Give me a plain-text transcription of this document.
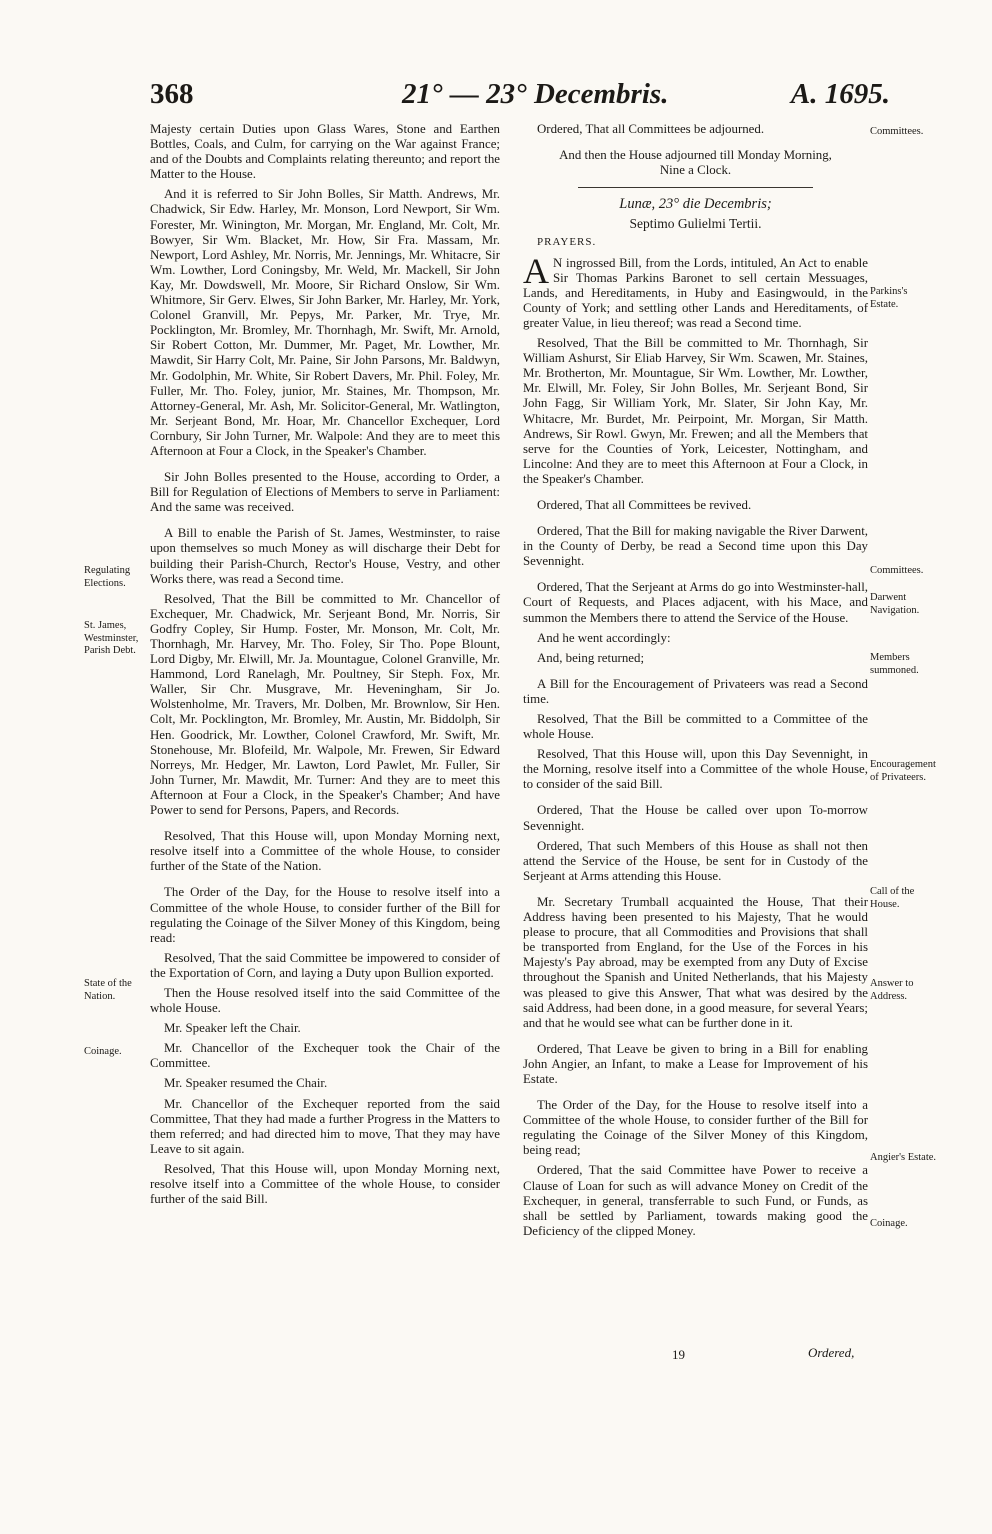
368	21° — 23° Decembris.	A. 1695.
Regulating Elections.
St. James, Westminster, Parish Debt.
State of the Nation.
Coinage.

Majesty certain Duties upon Glass Wares, Stone and Earthen Bottles, Coals, and Culm, for carrying on the War against France; and of the Doubts and Complaints relating thereunto; and report the Matter to the House.

And it is referred to Sir John Bolles, Sir Matth. Andrews, Mr. Chadwick, Sir Edw. Harley, Mr. Monson, Lord Newport, Sir Wm. Forester, Mr. Winington, Mr. Morgan, Mr. England, Mr. Colt, Mr. Bowyer, Sir Wm. Blacket, Mr. How, Sir Fra. Massam, Mr. Newport, Lord Ashley, Mr. Norris, Mr. Jennings, Mr. Whitacre, Sir Wm. Lowther, Lord Coningsby, Mr. Weld, Mr. Mackell, Sir John Kay, Mr. Dowdswell, Mr. Moore, Sir Richard Onslow, Sir Wm. Whitmore, Sir Gerv. Elwes, Sir John Barker, Mr. Harley, Mr. York, Colonel Granvill, Mr. Pepys, Mr. Parker, Mr. Trye, Mr. Pocklington, Mr. Bromley, Mr. Thornhagh, Mr. Swift, Mr. Arnold, Sir Robert Cotton, Mr. Dummer, Mr. Paget, Mr. Lowther, Mr. Mawdit, Sir Harry Colt, Mr. Paine, Sir John Parsons, Mr. Baldwyn, Mr. Godolphin, Mr. White, Sir Robert Davers, Mr. Phil. Foley, Mr. Fuller, Mr. Tho. Foley, junior, Mr. Staines, Mr. Thompson, Mr. Attorney-General, Mr. Ash, Mr. Solicitor-General, Mr. Watlington, Mr. Serjeant Bond, Mr. Hoar, Mr. Chancellor Exchequer, Lord Cornbury, Sir John Turner, Mr. Walpole: And they are to meet this Afternoon at Four a Clock, in the Speaker's Chamber.

Sir John Bolles presented to the House, according to Order, a Bill for Regulation of Elections of Members to serve in Parliament: And the same was received.

A Bill to enable the Parish of St. James, Westminster, to raise upon themselves so much Money as will discharge their Debt for building their Parish-Church, Rector's House, Vestry, and other Works there, was read a Second time.

Resolved, That the Bill be committed to Mr. Chancellor of Exchequer, Mr. Chadwick, Mr. Serjeant Bond, Mr. Norris, Sir Godfry Copley, Sir Hump. Foster, Mr. Monson, Mr. Colt, Mr. Thornhagh, Mr. Harvey, Mr. Tho. Foley, Sir Tho. Pope Blount, Lord Digby, Mr. Elwill, Mr. Ja. Mountague, Colonel Granville, Mr. Hammond, Lord Ranelagh, Mr. Poultney, Sir Steph. Fox, Mr. Waller, Sir Chr. Musgrave, Mr. Heveningham, Sir Jo. Wolstenholme, Mr. Travers, Mr. Dolben, Mr. Brownlow, Sir Hen. Colt, Mr. Pocklington, Mr. Bromley, Mr. Austin, Mr. Biddolph, Sir Hen. Goodrick, Mr. Lowther, Colonel Crawford, Mr. Swift, Mr. Stonehouse, Mr. Blofeild, Mr. Walpole, Mr. Frewen, Sir Edward Norreys, Mr. Hedger, Mr. Lawton, Lord Pawlet, Mr. Fuller, Sir John Turner, Mr. Mawdit, Mr. Turner: And they are to meet this Afternoon at Four a Clock, in the Speaker's Chamber; And have Power to send for Persons, Papers, and Records.

Resolved, That this House will, upon Monday Morning next, resolve itself into a Committee of the whole House, to consider further of the State of the Nation.

The Order of the Day, for the House to resolve itself into a Committee of the whole House, to consider further of the Bill for regulating the Coinage of the Silver Money of this Kingdom, being read:

Resolved, That the said Committee be impowered to consider of the Exportation of Corn, and laying a Duty upon Bullion exported.

Then the House resolved itself into the said Committee of the whole House.

Mr. Speaker left the Chair.

Mr. Chancellor of the Exchequer took the Chair of the Committee.

Mr. Speaker resumed the Chair.

Mr. Chancellor of the Exchequer reported from the said Committee, That they had made a further Progress in the Matters to them referred; and had directed him to move, That they may have Leave to sit again.

Resolved, That this House will, upon Monday Morning next, resolve itself into a Committee of the whole House, to consider further of the said Bill.

Ordered, That all Committees be adjourned.

And then the House adjourned till Monday Morning, Nine a Clock.

Lunæ, 23° die Decembris;
Septimo Gulielmi Tertii.

PRAYERS.

A N ingrossed Bill, from the Lords, intituled, An Act to enable Sir Thomas Parkins Baronet to sell certain Messuages, Lands, and Hereditaments, in Huby and Easingwould, in the County of York; and settling other Lands and Hereditaments, of greater Value, in lieu thereof; was read a Second time.

Resolved, That the Bill be committed to Mr. Thornhagh, Sir William Ashurst, Sir Eliab Harvey, Sir Wm. Scawen, Mr. Staines, Mr. Brotherton, Mr. Mountague, Sir Wm. Lowther, Mr. Lowther, Mr. Elwill, Mr. Foley, Sir John Bolles, Mr. Serjeant Bond, Sir John Fagg, Sir William York, Mr. Slater, Sir John Kay, Mr. Whitacre, Mr. Burdet, Mr. Peirpoint, Mr. Morgan, Sir Matth. Andrews, Sir Rowl. Gwyn, Mr. Frewen; and all the Members that serve for the Counties of York, Leicester, Nottingham, and Lincolne: And they are to meet this Afternoon at Four a Clock, in the Speaker's Chamber.

Ordered, That all Committees be revived.

Ordered, That the Bill for making navigable the River Darwent, in the County of Derby, be read a Second time upon this Day Sevennight.

Ordered, That the Serjeant at Arms do go into Westminster-hall, Court of Requests, and Places adjacent, with his Mace, and summon the Members there to attend the Service of the House.

And he went accordingly:

And, being returned;

A Bill for the Encouragement of Privateers was read a Second time.

Resolved, That the Bill be committed to a Committee of the whole House.

Resolved, That this House will, upon this Day Sevennight, in the Morning, resolve itself into a Committee of the whole House, to consider of the said Bill.

Ordered, That the House be called over upon To-morrow Sevennight.

Ordered, That such Members of this House as shall not then attend the Service of the House, be sent for in Custody of the Serjeant at Arms attending this House.

Mr. Secretary Trumball acquainted the House, That their Address having been presented to his Majesty, That he would please to procure, that all Commodities and Provisions that shall be transported from England, for the Use of the Forces in his Majesty's Pay abroad, may be exempted from any Duty of Excise throughout the Spanish and United Netherlands, that his Majesty was pleased to give this Answer, That what was desired by the said Address, had been done, in a good measure, for several Years; and that he would see what can be further done in it.

Ordered, That Leave be given to bring in a Bill for enabling John Angier, an Infant, to make a Lease for Improvement of his Estate.

The Order of the Day, for the House to resolve itself into a Committee of the whole House, to consider further of the Bill for regulating the Coinage of the Silver Money of this Kingdom, being read;

Ordered, That the said Committee have Power to receive a Clause of Loan for such as will advance Money on Credit of the Exchequer, in general, transferrable to such Fund, or Funds, as shall be settled by Parliament, towards making good the Deficiency of the clipped Money.

Committees.
Parkins's Estate.
Committees.
Darwent Navigation.
Members summoned.
Encouragement of Privateers.
Call of the House.
Answer to Address.
Angier's Estate.
Coinage.
19	Ordered,
